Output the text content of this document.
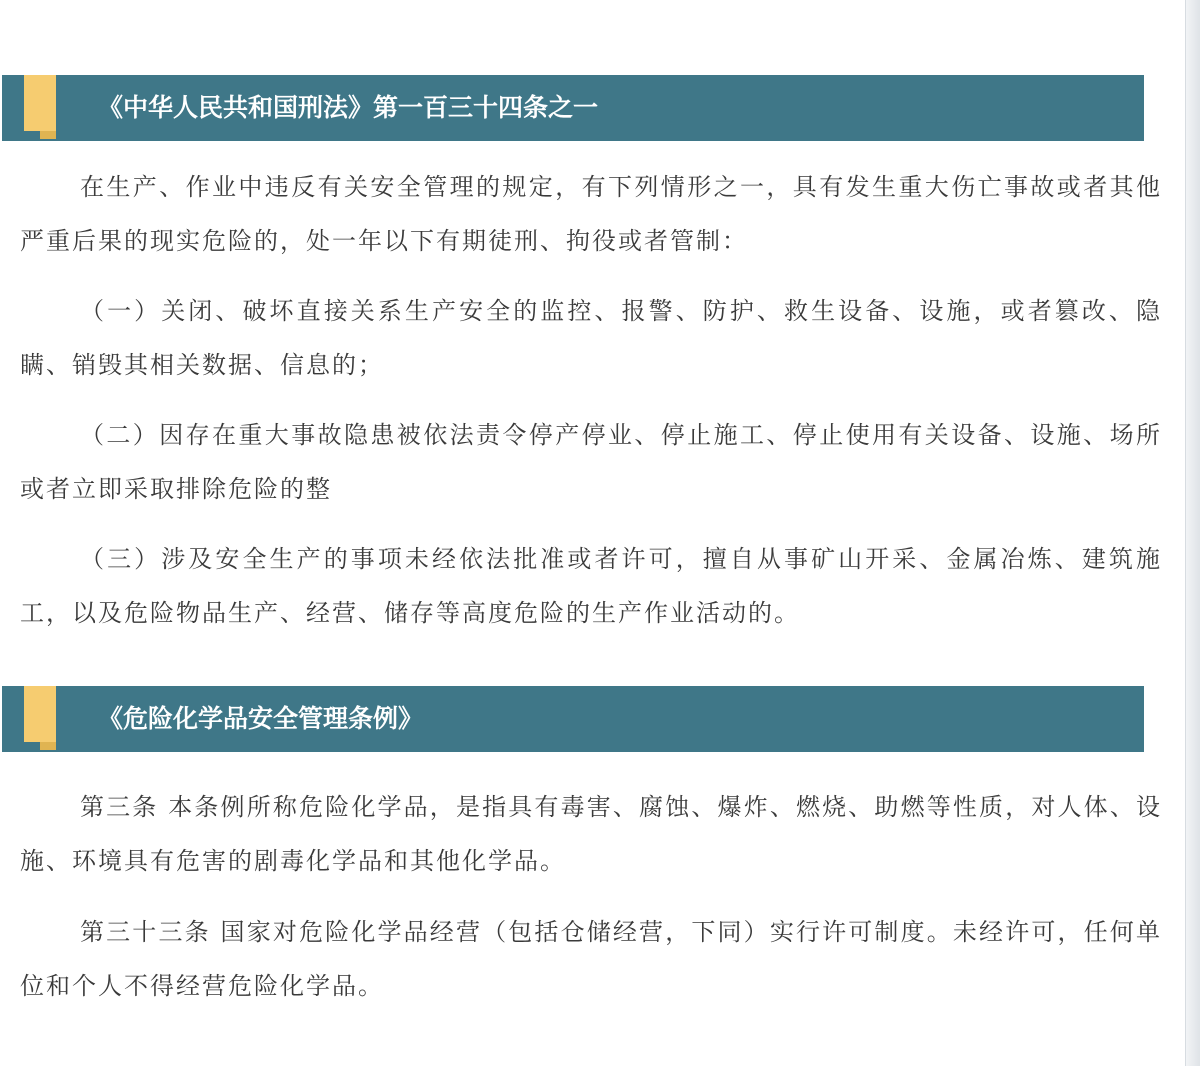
《中华人民共和国刑法》第一百三十四条之一

在生产、作业中违反有关安全管理的规定，有下列情形之一，具有发生重大伤亡事故或者其他严重后果的现实危险的，处一年以下有期徒刑、拘役或者管制：

（一）关闭、破坏直接关系生产安全的监控、报警、防护、救生设备、设施，或者篡改、隐瞒、销毁其相关数据、信息的；

（二）因存在重大事故隐患被依法责令停产停业、停止施工、停止使用有关设备、设施、场所或者立即采取排除危险的整

（三）涉及安全生产的事项未经依法批准或者许可，擅自从事矿山开采、金属冶炼、建筑施工，以及危险物品生产、经营、储存等高度危险的生产作业活动的。

《危险化学品安全管理条例》

第三条 本条例所称危险化学品，是指具有毒害、腐蚀、爆炸、燃烧、助燃等性质，对人体、设施、环境具有危害的剧毒化学品和其他化学品。

第三十三条 国家对危险化学品经营（包括仓储经营，下同）实行许可制度。未经许可，任何单位和个人不得经营危险化学品。
